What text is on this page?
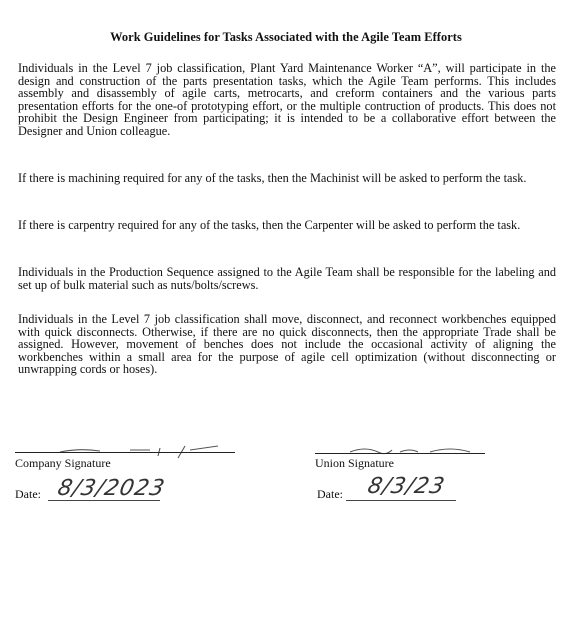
Work Guidelines for Tasks Associated with the Agile Team Efforts

Individuals in the Level 7 job classification, Plant Yard Maintenance Worker “A”, will participate in the design and construction of the parts presentation tasks, which the Agile Team performs. This includes assembly and disassembly of agile carts, metrocarts, and creform containers and the various parts presentation efforts for the one-of prototyping effort, or the multiple contruction of products. This does not prohibit the Design Engineer from participating; it is intended to be a collaborative effort between the Designer and Union colleague.

If there is machining required for any of the tasks, then the Machinist will be asked to perform the task.

If there is carpentry required for any of the tasks, then the Carpenter will be asked to perform the task.

Individuals in the Production Sequence assigned to the Agile Team shall be responsible for the labeling and set up of bulk material such as nuts/bolts/screws.

Individuals in the Level 7 job classification shall move, disconnect, and reconnect workbenches equipped with quick disconnects. Otherwise, if there are no quick disconnects, then the appropriate Trade shall be assigned. However, movement of benches does not include the occasional activity of aligning the workbenches within a small area for the purpose of agile cell optimization (without disconnecting or unwrapping cords or hoses).

Company Signature
Date: 8/3/2023
Union Signature
Date: 8/3/23
